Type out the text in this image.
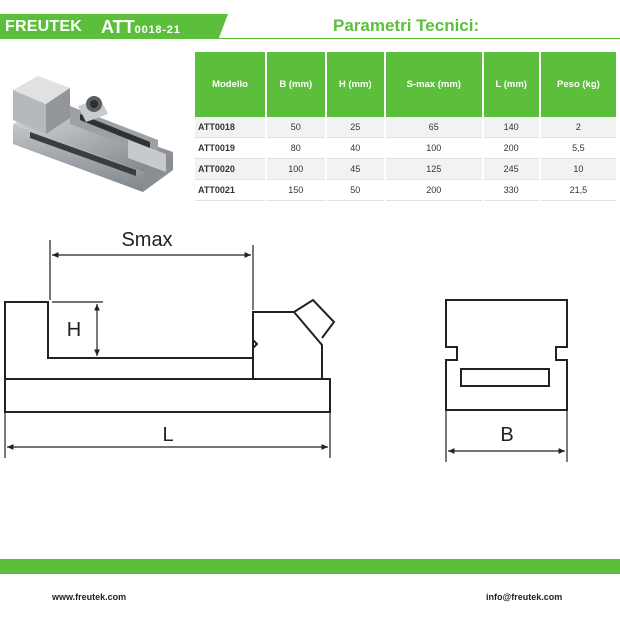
FREUTEK ATT0018-21	Parametri Tecnici:
Modello	B (mm)	H (mm)	S-max (mm)	L (mm)	Peso (kg)
ATT0018	50	25	65	140	2
ATT0019	80	40	100	200	5,5
ATT0020	100	45	125	245	10
ATT0021	150	50	200	330	21,5
Smax
H
L	B
www.freutek.com	info@freutek.com
